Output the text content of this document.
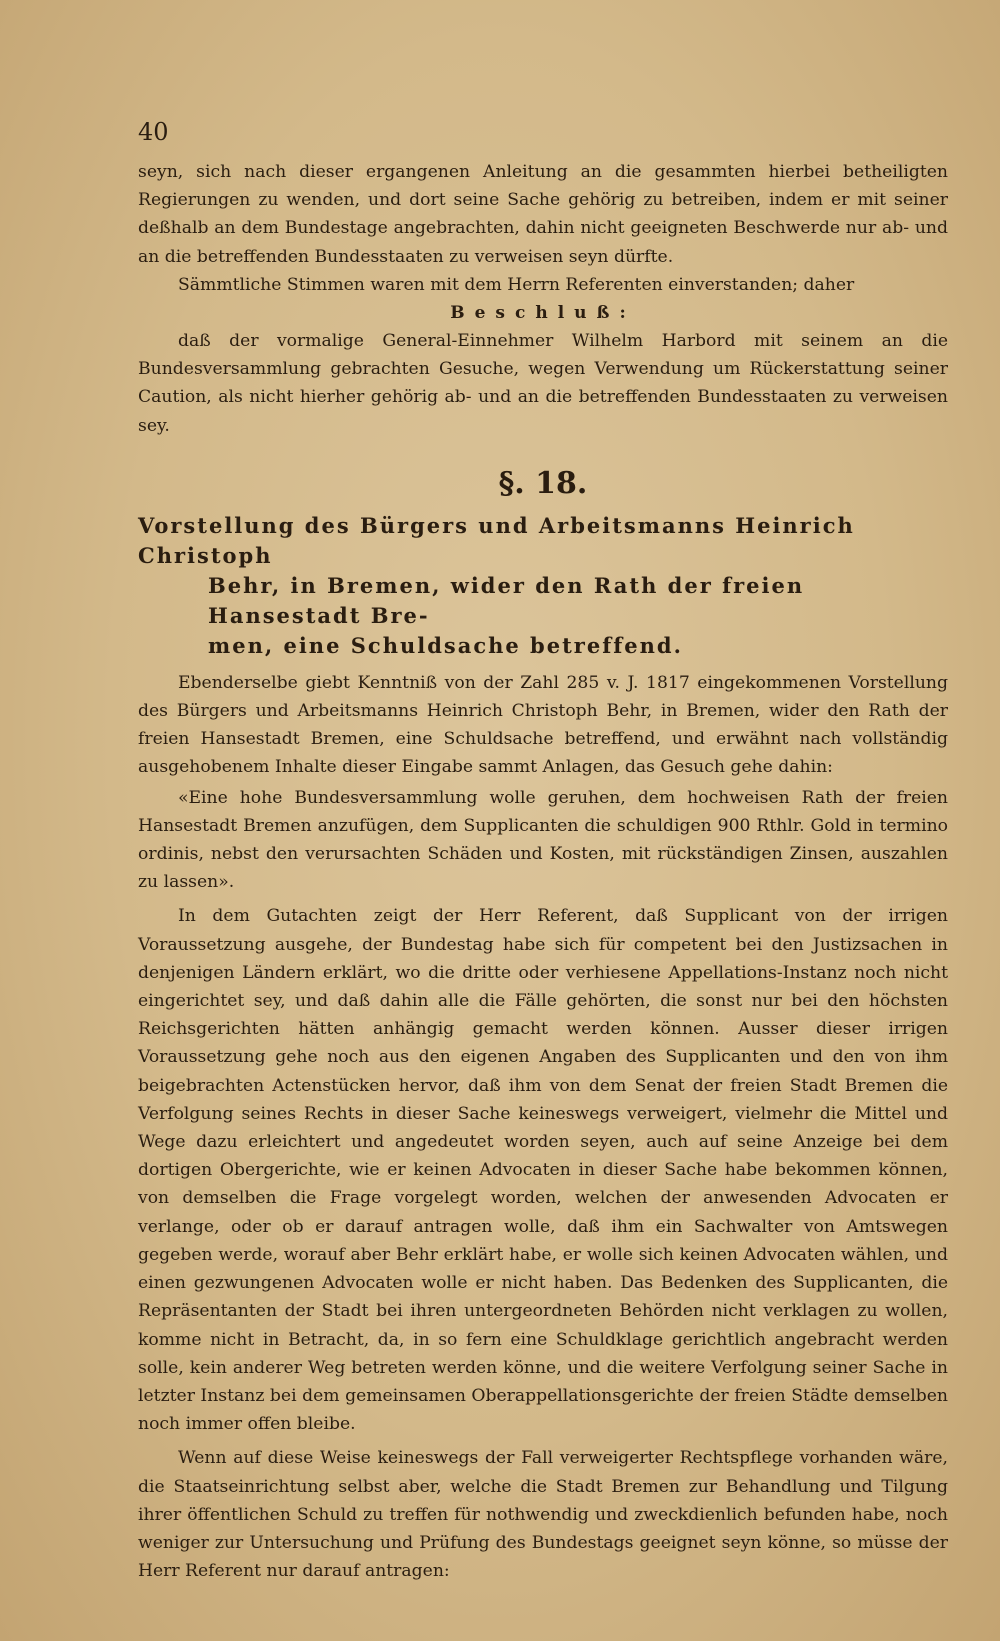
40

seyn, sich nach dieser ergangenen Anleitung an die gesammten hierbei betheiligten Regierungen zu wenden, und dort seine Sache gehörig zu betreiben, indem er mit seiner deßhalb an dem Bundestage angebrachten, dahin nicht geeigneten Beschwerde nur ab- und an die betreffenden Bundesstaaten zu verweisen seyn dürfte.

Sämmtliche Stimmen waren mit dem Herrn Referenten einverstanden; daher

Beschluß:

daß der vormalige General-Einnehmer Wilhelm Harbord mit seinem an die Bundesversammlung gebrachten Gesuche, wegen Verwendung um Rückerstattung seiner Caution, als nicht hierher gehörig ab- und an die betreffenden Bundesstaaten zu verweisen sey.

§. 18.
Vorstellung des Bürgers und Arbeitsmanns Heinrich Christoph
Behr, in Bremen, wider den Rath der freien Hansestadt Bre-
men, eine Schuldsache betreffend.

Ebenderselbe giebt Kenntniß von der Zahl 285 v. J. 1817 eingekommenen Vorstellung des Bürgers und Arbeitsmanns Heinrich Christoph Behr, in Bremen, wider den Rath der freien Hansestadt Bremen, eine Schuldsache betreffend, und erwähnt nach vollständig ausgehobenem Inhalte dieser Eingabe sammt Anlagen, das Gesuch gehe dahin:

«Eine hohe Bundesversammlung wolle geruhen, dem hochweisen Rath der freien Hansestadt Bremen anzufügen, dem Supplicanten die schuldigen 900 Rthlr. Gold in termino ordinis, nebst den verursachten Schäden und Kosten, mit rückständigen Zinsen, auszahlen zu lassen».

In dem Gutachten zeigt der Herr Referent, daß Supplicant von der irrigen Voraussetzung ausgehe, der Bundestag habe sich für competent bei den Justizsachen in denjenigen Ländern erklärt, wo die dritte oder verhiesene Appellations-Instanz noch nicht eingerichtet sey, und daß dahin alle die Fälle gehörten, die sonst nur bei den höchsten Reichsgerichten hätten anhängig gemacht werden können. Ausser dieser irrigen Voraussetzung gehe noch aus den eigenen Angaben des Supplicanten und den von ihm beigebrachten Actenstücken hervor, daß ihm von dem Senat der freien Stadt Bremen die Verfolgung seines Rechts in dieser Sache keineswegs verweigert, vielmehr die Mittel und Wege dazu erleichtert und angedeutet worden seyen, auch auf seine Anzeige bei dem dortigen Obergerichte, wie er keinen Advocaten in dieser Sache habe bekommen können, von demselben die Frage vorgelegt worden, welchen der anwesenden Advocaten er verlange, oder ob er darauf antragen wolle, daß ihm ein Sachwalter von Amtswegen gegeben werde, worauf aber Behr erklärt habe, er wolle sich keinen Advocaten wählen, und einen gezwungenen Advocaten wolle er nicht haben. Das Bedenken des Supplicanten, die Repräsentanten der Stadt bei ihren untergeordneten Behörden nicht verklagen zu wollen, komme nicht in Betracht, da, in so fern eine Schuldklage gerichtlich angebracht werden solle, kein anderer Weg betreten werden könne, und die weitere Verfolgung seiner Sache in letzter Instanz bei dem gemeinsamen Oberappellationsgerichte der freien Städte demselben noch immer offen bleibe.

Wenn auf diese Weise keineswegs der Fall verweigerter Rechtspflege vorhanden wäre, die Staatseinrichtung selbst aber, welche die Stadt Bremen zur Behandlung und Tilgung ihrer öffentlichen Schuld zu treffen für nothwendig und zweckdienlich befunden habe, noch weniger zur Untersuchung und Prüfung des Bundestags geeignet seyn könne, so müsse der Herr Referent nur darauf antragen:
